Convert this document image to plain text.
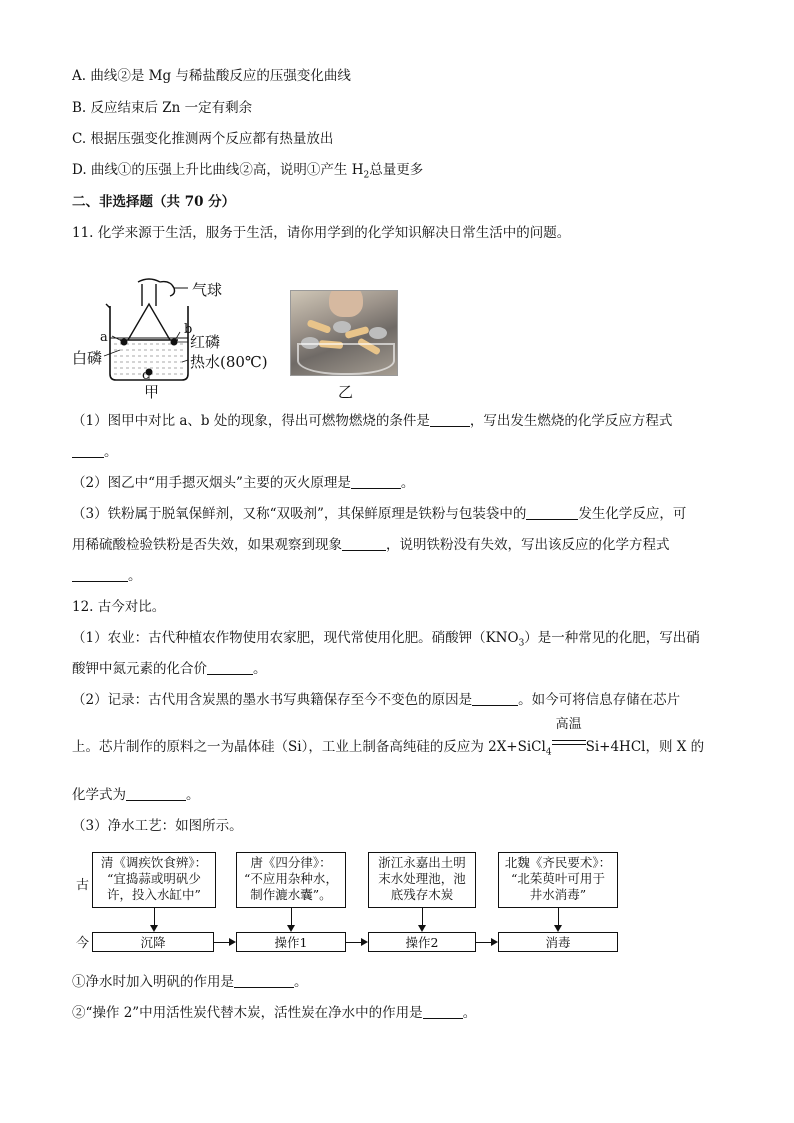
A. 曲线②是 Mg 与稀盐酸反应的压强变化曲线
B. 反应结束后 Zn 一定有剩余
C. 根据压强变化推测两个反应都有热量放出
D. 曲线①的压强上升比曲线②高，说明①产生 $H_2$总量更多
二、非选择题（共 70 分）
11. 化学来源于生活，服务于生活，请你用学到的化学知识解决日常生活中的问题。
气球
a
b
红磷
白磷	热水(80℃)
c
甲	乙
（1）图甲中对比 a、b 处的现象，得出可燃物燃烧的条件是	，写出发生燃烧的化学反应方程式
。
（2）图乙中“用手摁灭烟头”主要的灭火原理是	。
（3）铁粉属于脱氧保鲜剂，又称“双吸剂”，其保鲜原理是铁粉与包装袋中的	发生化学反应，可
用稀硫酸检验铁粉是否失效，如果观察到现象	，说明铁粉没有失效，写出该反应的化学方程式
。
12. 古今对比。
（1）农业：古代种植农作物使用农家肥，现代常使用化肥。硝酸钾$(KNO_3)$是一种常见的化肥，写出硝
酸钾中氮元素的化合价	。
（2）记录：古代用含炭黑的墨水书写典籍保存至今不变色的原因是	。如今可将信息存储在芯片
上。芯片制作的原料之一为晶体硅（Si），工业上制备高纯硅的反应为 2X+SiCl$_4$
高温
Si+4HCl，则 X 的
化学式为	。
（3）净水工艺：如图所示。
古
今
清《调疾饮食辨》：
“宜捣蒜或明矾少
许，投入水缸中”
唐《四分律》：
“不应用杂种水，
制作漉水囊”。
浙江永嘉出土明
末水处理池，池
底残存木炭
北魏《齐民要术》：
“北茱萸叶可用于
井水消毒”
沉降	操作1	操作2	消毒
①净水时加入明矾的作用是	。
②“操作 2”中用活性炭代替木炭，活性炭在净水中的作用是	。
